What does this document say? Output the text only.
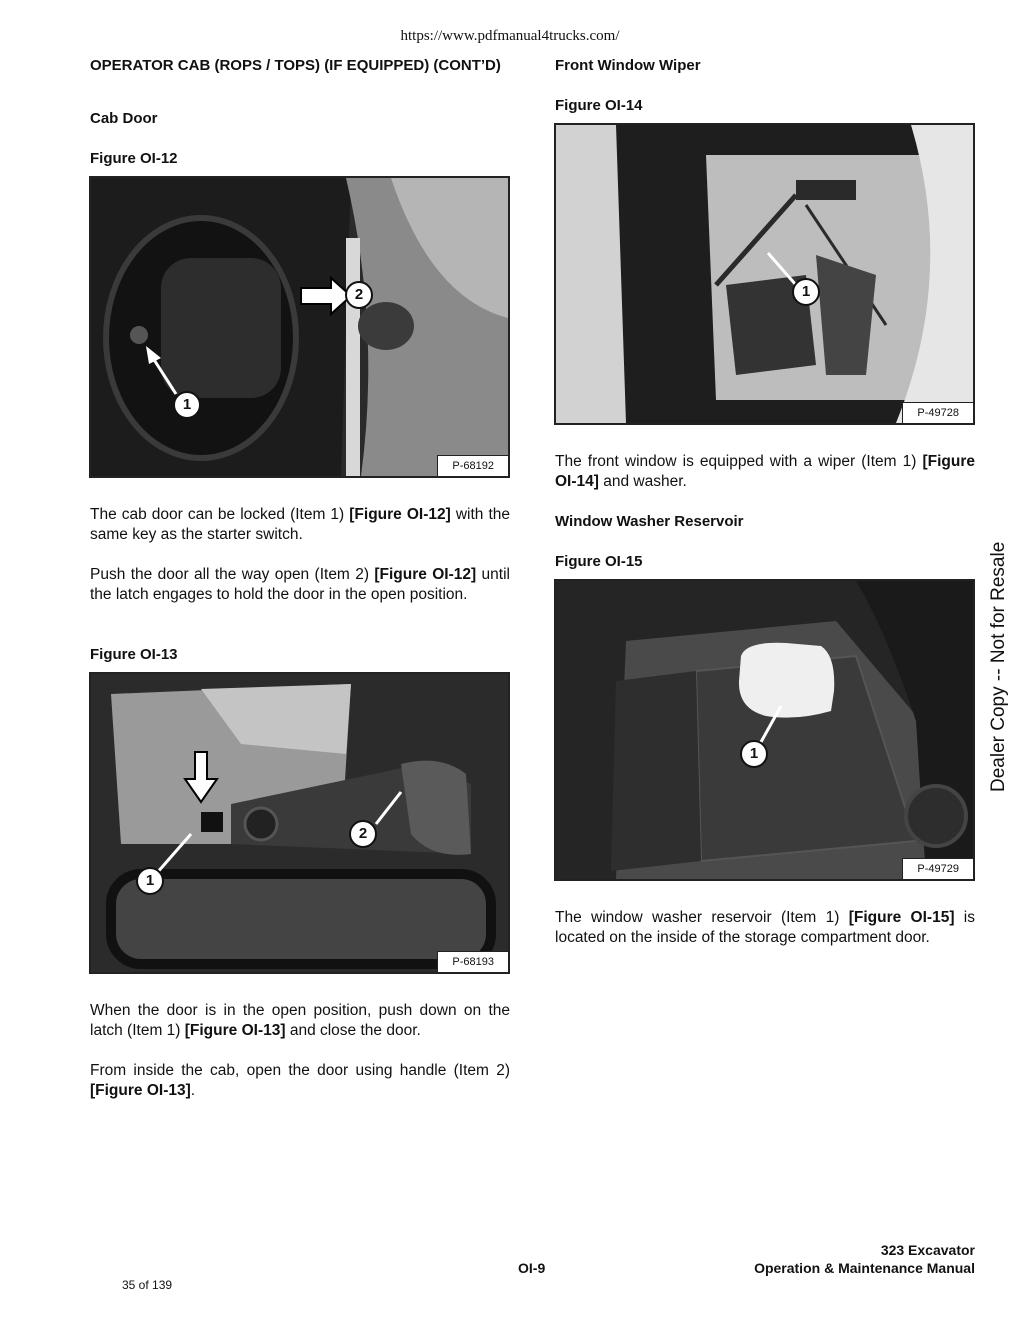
https://www.pdfmanual4trucks.com/

OPERATOR CAB (ROPS / TOPS) (IF EQUIPPED) (CONT’D)

Cab Door

Figure OI-12

2
1
P-68192

The cab door can be locked (Item 1) [Figure OI-12] with the same key as the starter switch.

Push the door all the way open (Item 2) [Figure OI-12] until the latch engages to hold the door in the open position.

Figure OI-13

2
1
P-68193

When the door is in the open position, push down on the latch (Item 1) [Figure OI-13] and close the door.

From inside the cab, open the door using handle (Item 2) [Figure OI-13].

Front Window Wiper

Figure OI-14

1
P-49728

The front window is equipped with a wiper (Item 1) [Figure OI-14] and washer.

Window Washer Reservoir

Figure OI-15

1
P-49729

The window washer reservoir (Item 1) [Figure OI-15] is located on the inside of the storage compartment door.

Dealer Copy -- Not for Resale
323 Excavator
Operation & Maintenance Manual
OI-9
35 of 139
